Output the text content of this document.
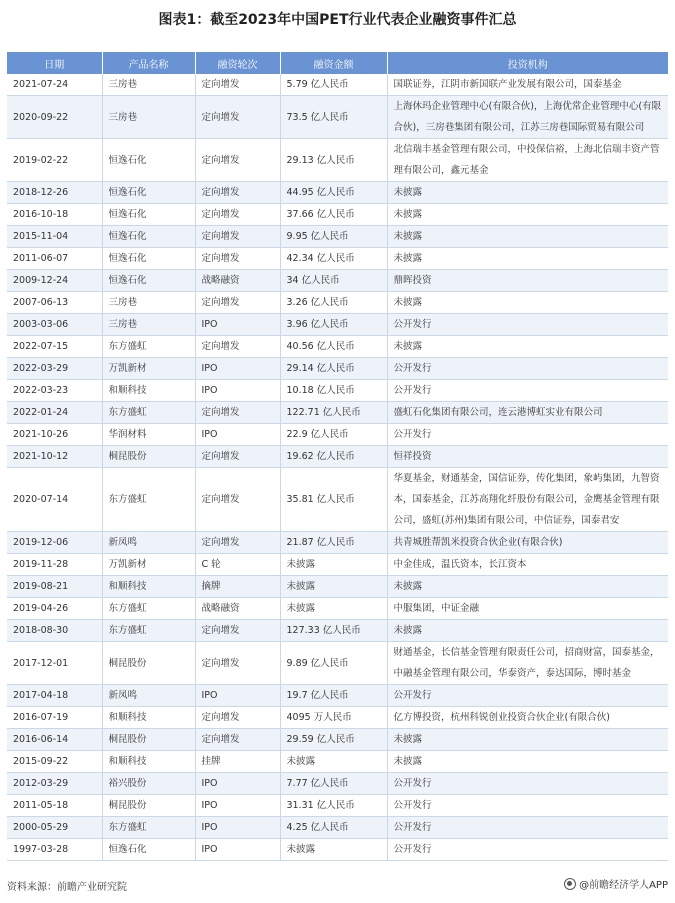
图表1：截至2023年中国PET行业代表企业融资事件汇总
日期	产品名称	融资轮次	融资金额	投资机构
2021-07-24	三房巷	定向增发	5.79 亿人民币	国联证券，江阴市新国联产业发展有限公司，国泰基金
2020-09-22	三房巷	定向增发	73.5 亿人民币	上海休玛企业管理中心(有限合伙)，上海优常企业管理中心(有限合伙)，三房巷集团有限公司，江苏三房巷国际贸易有限公司
2019-02-22	恒逸石化	定向增发	29.13 亿人民币	北信瑞丰基金管理有限公司，中投保信裕，上海北信瑞丰资产管理有限公司，鑫元基金
2018-12-26	恒逸石化	定向增发	44.95 亿人民币	未披露
2016-10-18	恒逸石化	定向增发	37.66 亿人民币	未披露
2015-11-04	恒逸石化	定向增发	9.95 亿人民币	未披露
2011-06-07	恒逸石化	定向增发	42.34 亿人民币	未披露
2009-12-24	恒逸石化	战略融资	34 亿人民币	鼎晖投资
2007-06-13	三房巷	定向增发	3.26 亿人民币	未披露
2003-03-06	三房巷	IPO	3.96 亿人民币	公开发行
2022-07-15	东方盛虹	定向增发	40.56 亿人民币	未披露
2022-03-29	万凯新材	IPO	29.14 亿人民币	公开发行
2022-03-23	和顺科技	IPO	10.18 亿人民币	公开发行
2022-01-24	东方盛虹	定向增发	122.71 亿人民币	盛虹石化集团有限公司，连云港博虹实业有限公司
2021-10-26	华润材料	IPO	22.9 亿人民币	公开发行
2021-10-12	桐昆股份	定向增发	19.62 亿人民币	恒祥投资
2020-07-14	东方盛虹	定向增发	35.81 亿人民币	华夏基金，财通基金，国信证券，传化集团，象屿集团，九智资本，国泰基金，江苏高翔化纤股份有限公司，金鹰基金管理有限公司，盛虹(苏州)集团有限公司，中信证券，国泰君安
2019-12-06	新凤鸣	定向增发	21.87 亿人民币	共青城胜帮凯米投资合伙企业(有限合伙)
2019-11-28	万凯新材	C 轮	未披露	中金佳成，温氏资本，长江资本
2019-08-21	和顺科技	摘牌	未披露	未披露
2019-04-26	东方盛虹	战略融资	未披露	中服集团，中证金融
2018-08-30	东方盛虹	定向增发	127.33 亿人民币	未披露
2017-12-01	桐昆股份	定向增发	9.89 亿人民币	财通基金，长信基金管理有限责任公司，招商财富，国泰基金，中融基金管理有限公司，华泰资产，泰达国际，博时基金
2017-04-18	新凤鸣	IPO	19.7 亿人民币	公开发行
2016-07-19	和顺科技	定向增发	4095 万人民币	亿方博投资，杭州科锐创业投资合伙企业(有限合伙)
2016-06-14	桐昆股份	定向增发	29.59 亿人民币	未披露
2015-09-22	和顺科技	挂牌	未披露	未披露
2012-03-29	裕兴股份	IPO	7.77 亿人民币	公开发行
2011-05-18	桐昆股份	IPO	31.31 亿人民币	公开发行
2000-05-29	东方盛虹	IPO	4.25 亿人民币	公开发行
1997-03-28	恒逸石化	IPO	未披露	公开发行
资料来源：前瞻产业研究院	@前瞻经济学人APP
